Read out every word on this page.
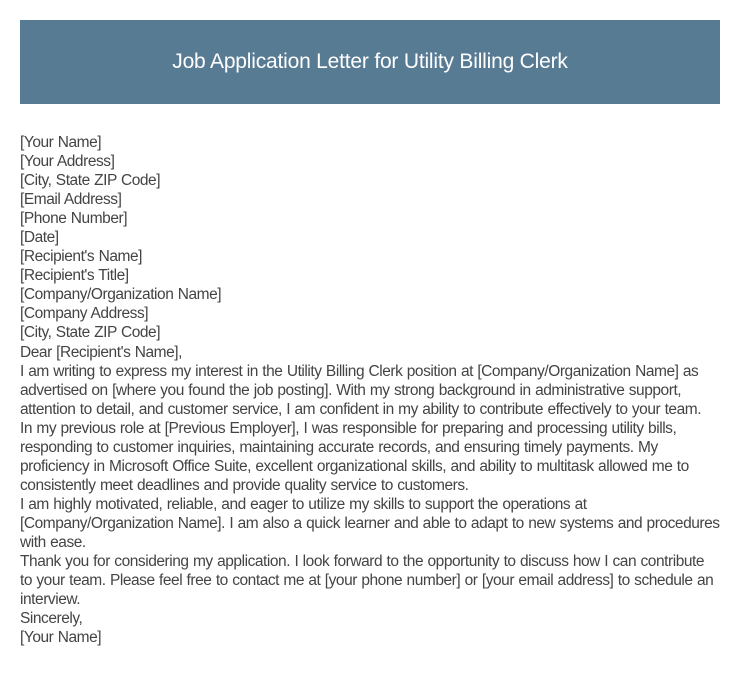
Job Application Letter for Utility Billing Clerk
[Your Name]
[Your Address]
[City, State ZIP Code]
[Email Address]
[Phone Number]
[Date]
[Recipient's Name]
[Recipient's Title]
[Company/Organization Name]
[Company Address]
[City, State ZIP Code]
Dear [Recipient's Name],

I am writing to express my interest in the Utility Billing Clerk position at [Company/Organization Name] as advertised on [where you found the job posting]. With my strong background in administrative support, attention to detail, and customer service, I am confident in my ability to contribute effectively to your team.

In my previous role at [Previous Employer], I was responsible for preparing and processing utility bills, responding to customer inquiries, maintaining accurate records, and ensuring timely payments. My proficiency in Microsoft Office Suite, excellent organizational skills, and ability to multitask allowed me to consistently meet deadlines and provide quality service to customers.

I am highly motivated, reliable, and eager to utilize my skills to support the operations at [Company/Organization Name]. I am also a quick learner and able to adapt to new systems and procedures with ease.

Thank you for considering my application. I look forward to the opportunity to discuss how I can contribute to your team. Please feel free to contact me at [your phone number] or [your email address] to schedule an interview.

Sincerely,
[Your Name]
